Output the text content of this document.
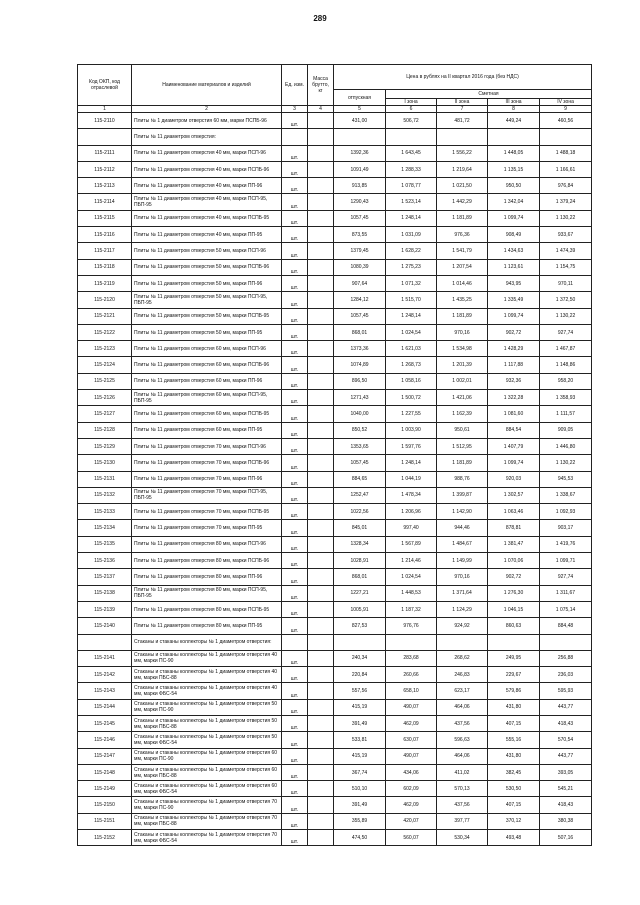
289
Код ОКП, код отраслевой	Наименование материалов и изделий	Ед. изм.	Масса брутто, кг	Цена в рублях на II квартал 2016 года (без НДС)				
				отпускная	Сметная			
					I зона	II зона	III зона	IV зона
1	2	3	4	5	6	7	8	9
115-2110	Плиты № 1 диаметром отверстия 60 мм, марки ПСПБ-96	шт.		431,00	506,72	481,72	449,24	460,56
	Плиты № 11 диаметром отверстия:							
115-2111	Плиты № 11 диаметром отверстия 40 мм, марки ПСП-96	шт.		1392,36	1 643,45	1 556,22	1 448,05	1 488,18
115-2112	Плиты № 11 диаметром отверстия 40 мм, марки ПСПБ-96	шт.		1091,49	1 288,33	1 219,64	1 135,15	1 166,61
115-2113	Плиты № 11 диаметром отверстия 40 мм, марки ПП-96	шт.		913,85	1 078,77	1 021,50	950,50	976,84
115-2114	Плиты № 11 диаметром отверстия 40 мм, марки ПСП-95, ПБП-95	шт.		1290,43	1 523,14	1 442,29	1 342,04	1 379,24
115-2115	Плиты № 11 диаметром отверстия 40 мм, марки ПСПБ-95	шт.		1057,45	1 248,14	1 181,89	1 099,74	1 130,22
115-2116	Плиты № 11 диаметром отверстия 40 мм, марки ПП-95	шт.		873,55	1 031,09	976,36	908,49	933,67
115-2117	Плиты № 11 диаметром отверстия 50 мм, марки ПСП-96	шт.		1379,45	1 628,22	1 541,79	1 434,63	1 474,39
115-2118	Плиты № 11 диаметром отверстия 50 мм, марки ПСПБ-96	шт.		1080,39	1 275,23	1 207,54	1 123,61	1 154,75
115-2119	Плиты № 11 диаметром отверстия 50 мм, марки ПП-96	шт.		907,64	1 071,32	1 014,46	943,95	970,11
115-2120	Плиты № 11 диаметром отверстия 50 мм, марки ПСП-95, ПБП-95	шт.		1284,12	1 515,70	1 435,25	1 335,49	1 372,50
115-2121	Плиты № 11 диаметром отверстия 50 мм, марки ПСПБ-95	шт.		1057,45	1 248,14	1 181,89	1 099,74	1 130,22
115-2122	Плиты № 11 диаметром отверстия 50 мм, марки ПП-95	шт.		868,01	1 024,54	970,16	902,72	927,74
115-2123	Плиты № 11 диаметром отверстия 60 мм, марки ПСП-96	шт.		1373,36	1 621,03	1 534,98	1 428,29	1 467,87
115-2124	Плиты № 11 диаметром отверстия 60 мм, марки ПСПБ-96	шт.		1074,89	1 268,73	1 201,39	1 117,88	1 148,86
115-2125	Плиты № 11 диаметром отверстия 60 мм, марки ПП-96	шт.		896,50	1 058,16	1 002,01	932,36	958,20
115-2126	Плиты № 11 диаметром отверстия 60 мм, марки ПСП-95, ПБП-95	шт.		1271,43	1 500,72	1 421,06	1 322,28	1 358,93
115-2127	Плиты № 11 диаметром отверстия 60 мм, марки ПСПБ-95	шт.		1040,00	1 227,55	1 162,39	1 081,60	1 111,57
115-2128	Плиты № 11 диаметром отверстия 60 мм, марки ПП-95	шт.		850,52	1 003,90	950,61	884,54	909,05
115-2129	Плиты № 11 диаметром отверстия 70 мм, марки ПСП-96	шт.		1353,65	1 597,76	1 512,95	1 407,79	1 446,80
115-2130	Плиты № 11 диаметром отверстия 70 мм, марки ПСПБ-96	шт.		1057,45	1 248,14	1 181,89	1 099,74	1 130,22
115-2131	Плиты № 11 диаметром отверстия 70 мм, марки ПП-96	шт.		884,65	1 044,19	988,76	920,03	945,53
115-2132	Плиты № 11 диаметром отверстия 70 мм, марки ПСП-95, ПБП-95	шт.		1252,47	1 478,34	1 399,87	1 302,57	1 338,67
115-2133	Плиты № 11 диаметром отверстия 70 мм, марки ПСПБ-95	шт.		1022,56	1 206,96	1 142,90	1 063,46	1 092,93
115-2134	Плиты № 11 диаметром отверстия 70 мм, марки ПП-95	шт.		845,01	997,40	944,46	878,81	903,17
115-2135	Плиты № 11 диаметром отверстия 80 мм, марки ПСП-96	шт.		1328,34	1 567,89	1 484,67	1 381,47	1 419,76
115-2136	Плиты № 11 диаметром отверстия 80 мм, марки ПСПБ-96	шт.		1028,91	1 214,46	1 149,99	1 070,06	1 099,71
115-2137	Плиты № 11 диаметром отверстия 80 мм, марки ПП-96	шт.		868,01	1 024,54	970,16	902,72	927,74
115-2138	Плиты № 11 диаметром отверстия 80 мм, марки ПСП-95, ПБП-95	шт.		1227,21	1 448,53	1 371,64	1 276,30	1 311,67
115-2139	Плиты № 11 диаметром отверстия 80 мм, марки ПСПБ-95	шт.		1005,91	1 187,32	1 124,29	1 046,15	1 075,14
115-2140	Плиты № 11 диаметром отверстия 80 мм, марки ПП-95	шт.		827,53	976,76	924,92	860,63	884,48
	Стаканы и стаканы коллекторы № 1 диаметром отверстия:							
115-2141	Стаканы и стаканы коллекторы № 1 диаметром отверстия 40 мм, марки ПС-90	шт.		240,34	283,68	268,62	249,95	256,88
115-2142	Стаканы и стаканы коллекторы № 1 диаметром отверстия 40 мм, марки ПБС-88	шт.		220,84	260,66	246,83	229,67	236,03
115-2143	Стаканы и стаканы коллекторы № 1 диаметром отверстия 40 мм, марки ФБС-54	шт.		557,56	658,10	623,17	579,86	595,93
115-2144	Стаканы и стаканы коллекторы № 1 диаметром отверстия 50 мм, марки ПС-90	шт.		415,19	490,07	464,06	431,80	443,77
115-2145	Стаканы и стаканы коллекторы № 1 диаметром отверстия 50 мм, марки ПБС-88	шт.		391,49	462,09	437,56	407,15	418,43
115-2146	Стаканы и стаканы коллекторы № 1 диаметром отверстия 50 мм, марки ФБС-54	шт.		533,81	630,07	596,63	555,16	570,54
115-2147	Стаканы и стаканы коллекторы № 1 диаметром отверстия 60 мм, марки ПС-90	шт.		415,19	490,07	464,06	431,80	443,77
115-2148	Стаканы и стаканы коллекторы № 1 диаметром отверстия 60 мм, марки ПБС-88	шт.		367,74	434,06	411,02	382,45	393,05
115-2149	Стаканы и стаканы коллекторы № 1 диаметром отверстия 60 мм, марки ФБС-54	шт.		510,10	602,09	570,13	530,50	545,21
115-2150	Стаканы и стаканы коллекторы № 1 диаметром отверстия 70 мм, марки ПС-90	шт.		391,49	462,09	437,56	407,15	418,43
115-2151	Стаканы и стаканы коллекторы № 1 диаметром отверстия 70 мм, марки ПБС-88	шт.		355,89	420,07	397,77	370,12	380,38
115-2152	Стаканы и стаканы коллекторы № 1 диаметром отверстия 70 мм, марки ФБС-54	шт.		474,50	560,07	530,34	493,48	507,16
